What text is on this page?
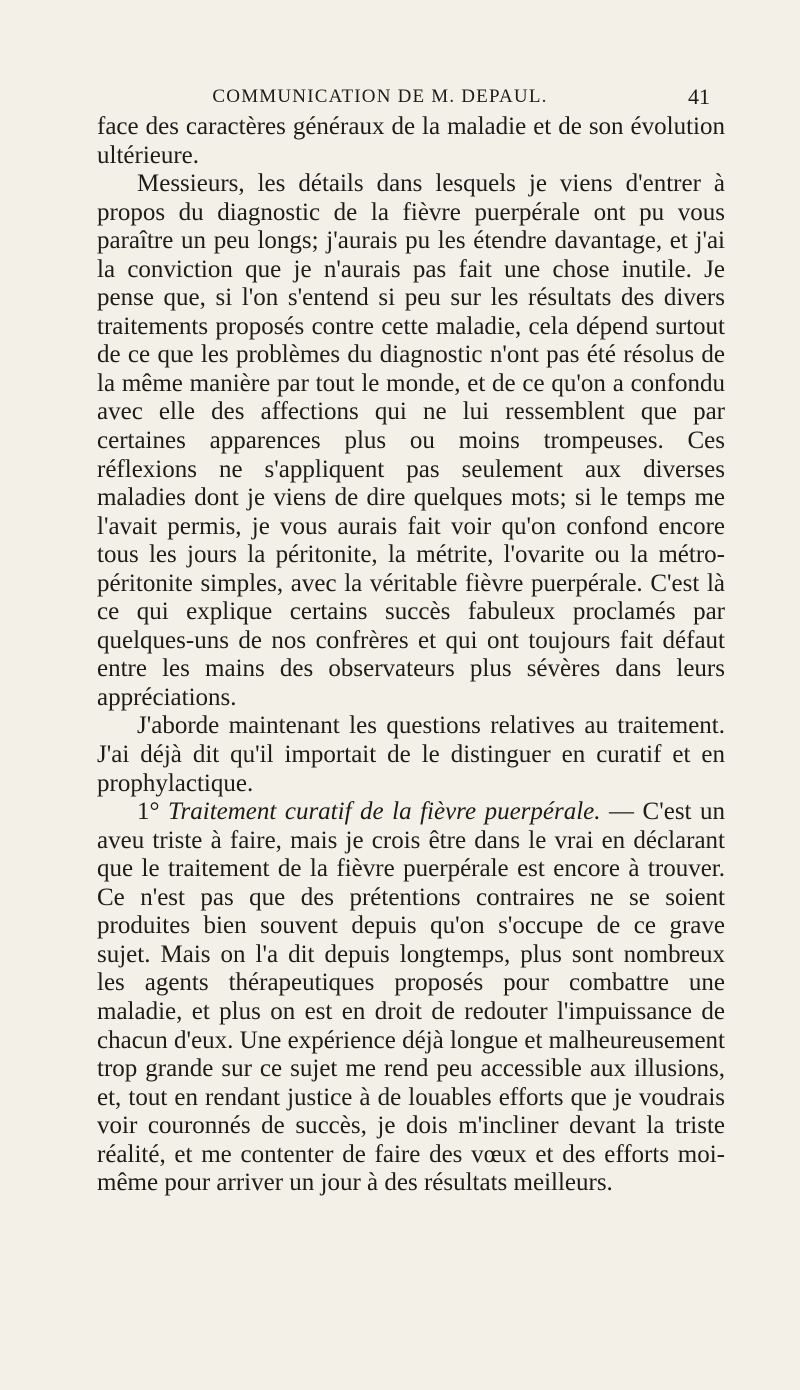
COMMUNICATION DE M. DEPAUL.	41

face des caractères généraux de la maladie et de son évolution ultérieure.

Messieurs, les détails dans lesquels je viens d'entrer à propos du diagnostic de la fièvre puerpérale ont pu vous paraître un peu longs; j'aurais pu les étendre davantage, et j'ai la conviction que je n'aurais pas fait une chose inutile. Je pense que, si l'on s'entend si peu sur les résultats des divers traitements proposés contre cette maladie, cela dépend surtout de ce que les problèmes du diagnostic n'ont pas été résolus de la même manière par tout le monde, et de ce qu'on a confondu avec elle des affections qui ne lui ressemblent que par certaines apparences plus ou moins trompeuses. Ces réflexions ne s'appliquent pas seulement aux diverses maladies dont je viens de dire quelques mots; si le temps me l'avait permis, je vous aurais fait voir qu'on confond encore tous les jours la péritonite, la métrite, l'ovarite ou la métro-péritonite simples, avec la véritable fièvre puerpérale. C'est là ce qui explique certains succès fabuleux proclamés par quelques-uns de nos confrères et qui ont toujours fait défaut entre les mains des observateurs plus sévères dans leurs appréciations.

J'aborde maintenant les questions relatives au traitement. J'ai déjà dit qu'il importait de le distinguer en curatif et en prophylactique.

1° Traitement curatif de la fièvre puerpérale. — C'est un aveu triste à faire, mais je crois être dans le vrai en déclarant que le traitement de la fièvre puerpérale est encore à trouver. Ce n'est pas que des prétentions contraires ne se soient produites bien souvent depuis qu'on s'occupe de ce grave sujet. Mais on l'a dit depuis longtemps, plus sont nombreux les agents thérapeutiques proposés pour combattre une maladie, et plus on est en droit de redouter l'impuissance de chacun d'eux. Une expérience déjà longue et malheureusement trop grande sur ce sujet me rend peu accessible aux illusions, et, tout en rendant justice à de louables efforts que je voudrais voir couronnés de succès, je dois m'incliner devant la triste réalité, et me contenter de faire des vœux et des efforts moi-même pour arriver un jour à des résultats meilleurs.
